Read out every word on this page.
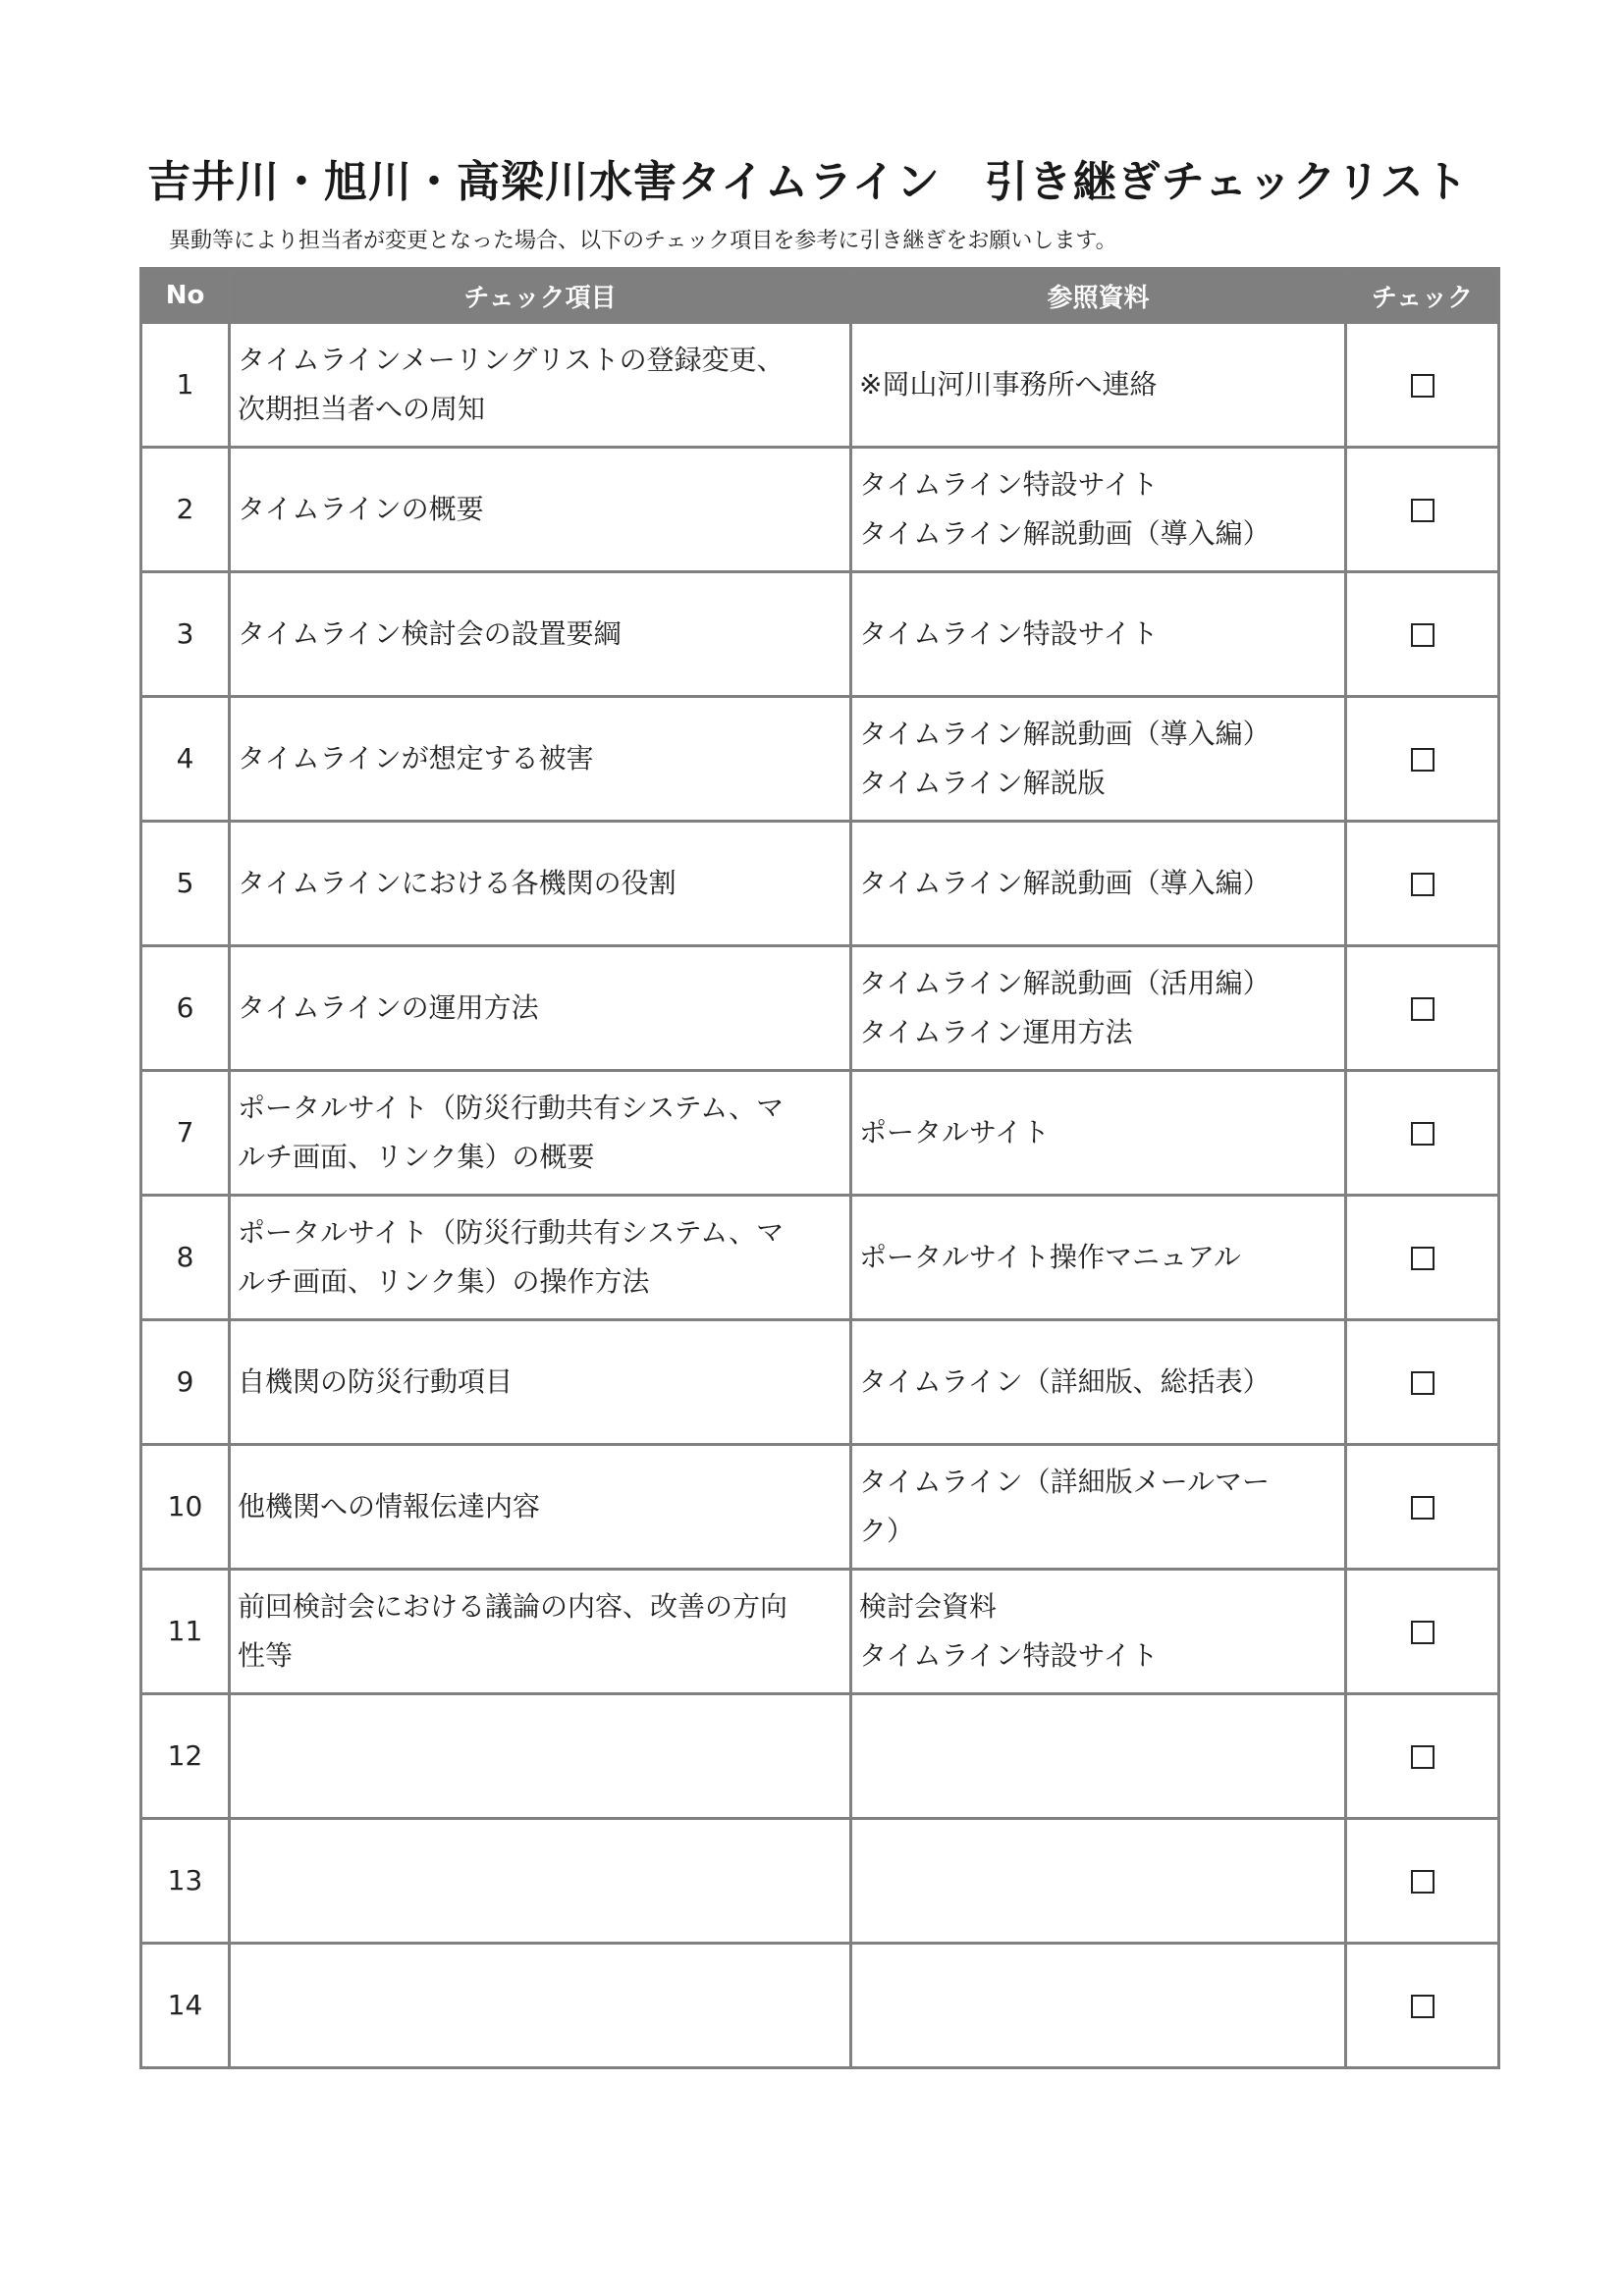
吉井川・旭川・高梁川水害タイムライン　引き継ぎチェックリスト
異動等により担当者が変更となった場合、以下のチェック項目を参考に引き継ぎをお願いします。
No	チェック項目	参照資料	チェック
1	タイムラインメーリングリストの登録変更、
次期担当者への周知	※岡山河川事務所へ連絡	

2	タイムラインの概要	タイムライン特設サイト
タイムライン解説動画（導入編）	

3	タイムライン検討会の設置要綱	タイムライン特設サイト	

4	タイムラインが想定する被害	タイムライン解説動画（導入編）
タイムライン解説版	

5	タイムラインにおける各機関の役割	タイムライン解説動画（導入編）	

6	タイムラインの運用方法	タイムライン解説動画（活用編）
タイムライン運用方法	

7	ポータルサイト（防災行動共有システム、マ
ルチ画面、リンク集）の概要	ポータルサイト	

8	ポータルサイト（防災行動共有システム、マ
ルチ画面、リンク集）の操作方法	ポータルサイト操作マニュアル	

9	自機関の防災行動項目	タイムライン（詳細版、総括表）	

10	他機関への情報伝達内容	タイムライン（詳細版メールマー
ク）	

11	前回検討会における議論の内容、改善の方向
性等	検討会資料
タイムライン特設サイト	

12	

13	

14	
